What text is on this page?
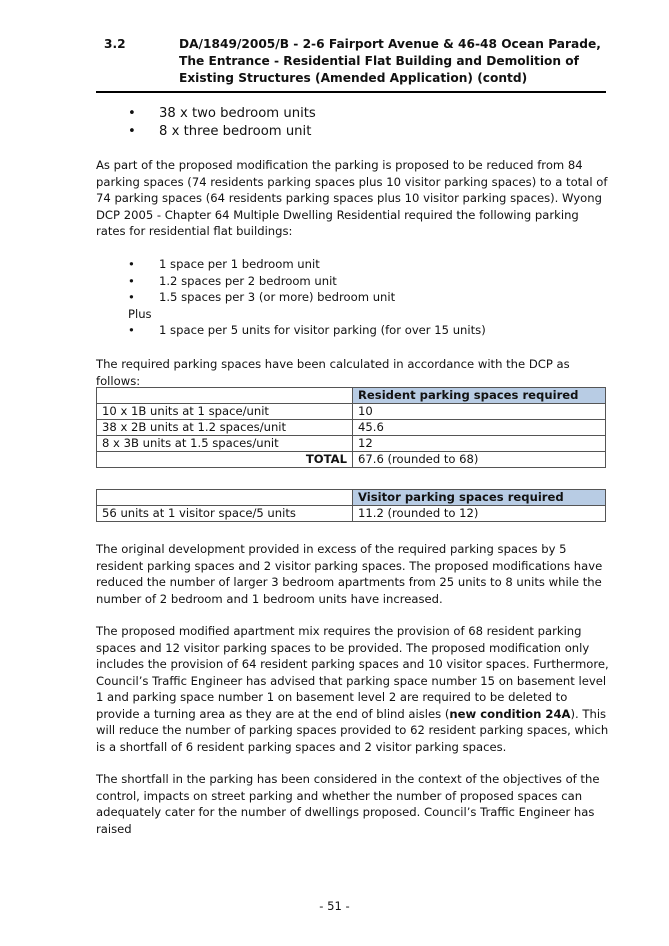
3.2	DA/1849/2005/B - 2-6 Fairport Avenue & 46-48 Ocean Parade, The Entrance - Residential Flat Building and Demolition of Existing Structures (Amended Application) (contd)
• 38 x two bedroom units
• 8 x three bedroom unit

As part of the proposed modification the parking is proposed to be reduced from 84 parking spaces (74 residents parking spaces plus 10 visitor parking spaces) to a total of 74 parking spaces (64 residents parking spaces plus 10 visitor parking spaces). Wyong DCP 2005 - Chapter 64 Multiple Dwelling Residential required the following parking rates for residential flat buildings:

• 1 space per 1 bedroom unit
• 1.2 spaces per 2 bedroom unit
• 1.5 spaces per 3 (or more) bedroom unit
Plus
• 1 space per 5 units for visitor parking (for over 15 units)

The required parking spaces have been calculated in accordance with the DCP as follows:

	Resident parking spaces required
10 x 1B units at 1 space/unit	10
38 x 2B units at 1.2 spaces/unit	45.6
8 x 3B units at 1.5 spaces/unit	12
TOTAL	67.6 (rounded to 68)
	Visitor parking spaces required
56 units at 1 visitor space/5 units	11.2 (rounded to 12)

The original development provided in excess of the required parking spaces by 5 resident parking spaces and 2 visitor parking spaces. The proposed modifications have reduced the number of larger 3 bedroom apartments from 25 units to 8 units while the number of 2 bedroom and 1 bedroom units have increased.

The proposed modified apartment mix requires the provision of 68 resident parking spaces and 12 visitor parking spaces to be provided. The proposed modification only includes the provision of 64 resident parking spaces and 10 visitor spaces. Furthermore, Council’s Traffic Engineer has advised that parking space number 15 on basement level 1 and parking space number 1 on basement level 2 are required to be deleted to provide a turning area as they are at the end of blind aisles (new condition 24A). This will reduce the number of parking spaces provided to 62 resident parking spaces, which is a shortfall of 6 resident parking spaces and 2 visitor parking spaces.

The shortfall in the parking has been considered in the context of the objectives of the control, impacts on street parking and whether the number of proposed spaces can adequately cater for the number of dwellings proposed. Council’s Traffic Engineer has raised

- 51 -
